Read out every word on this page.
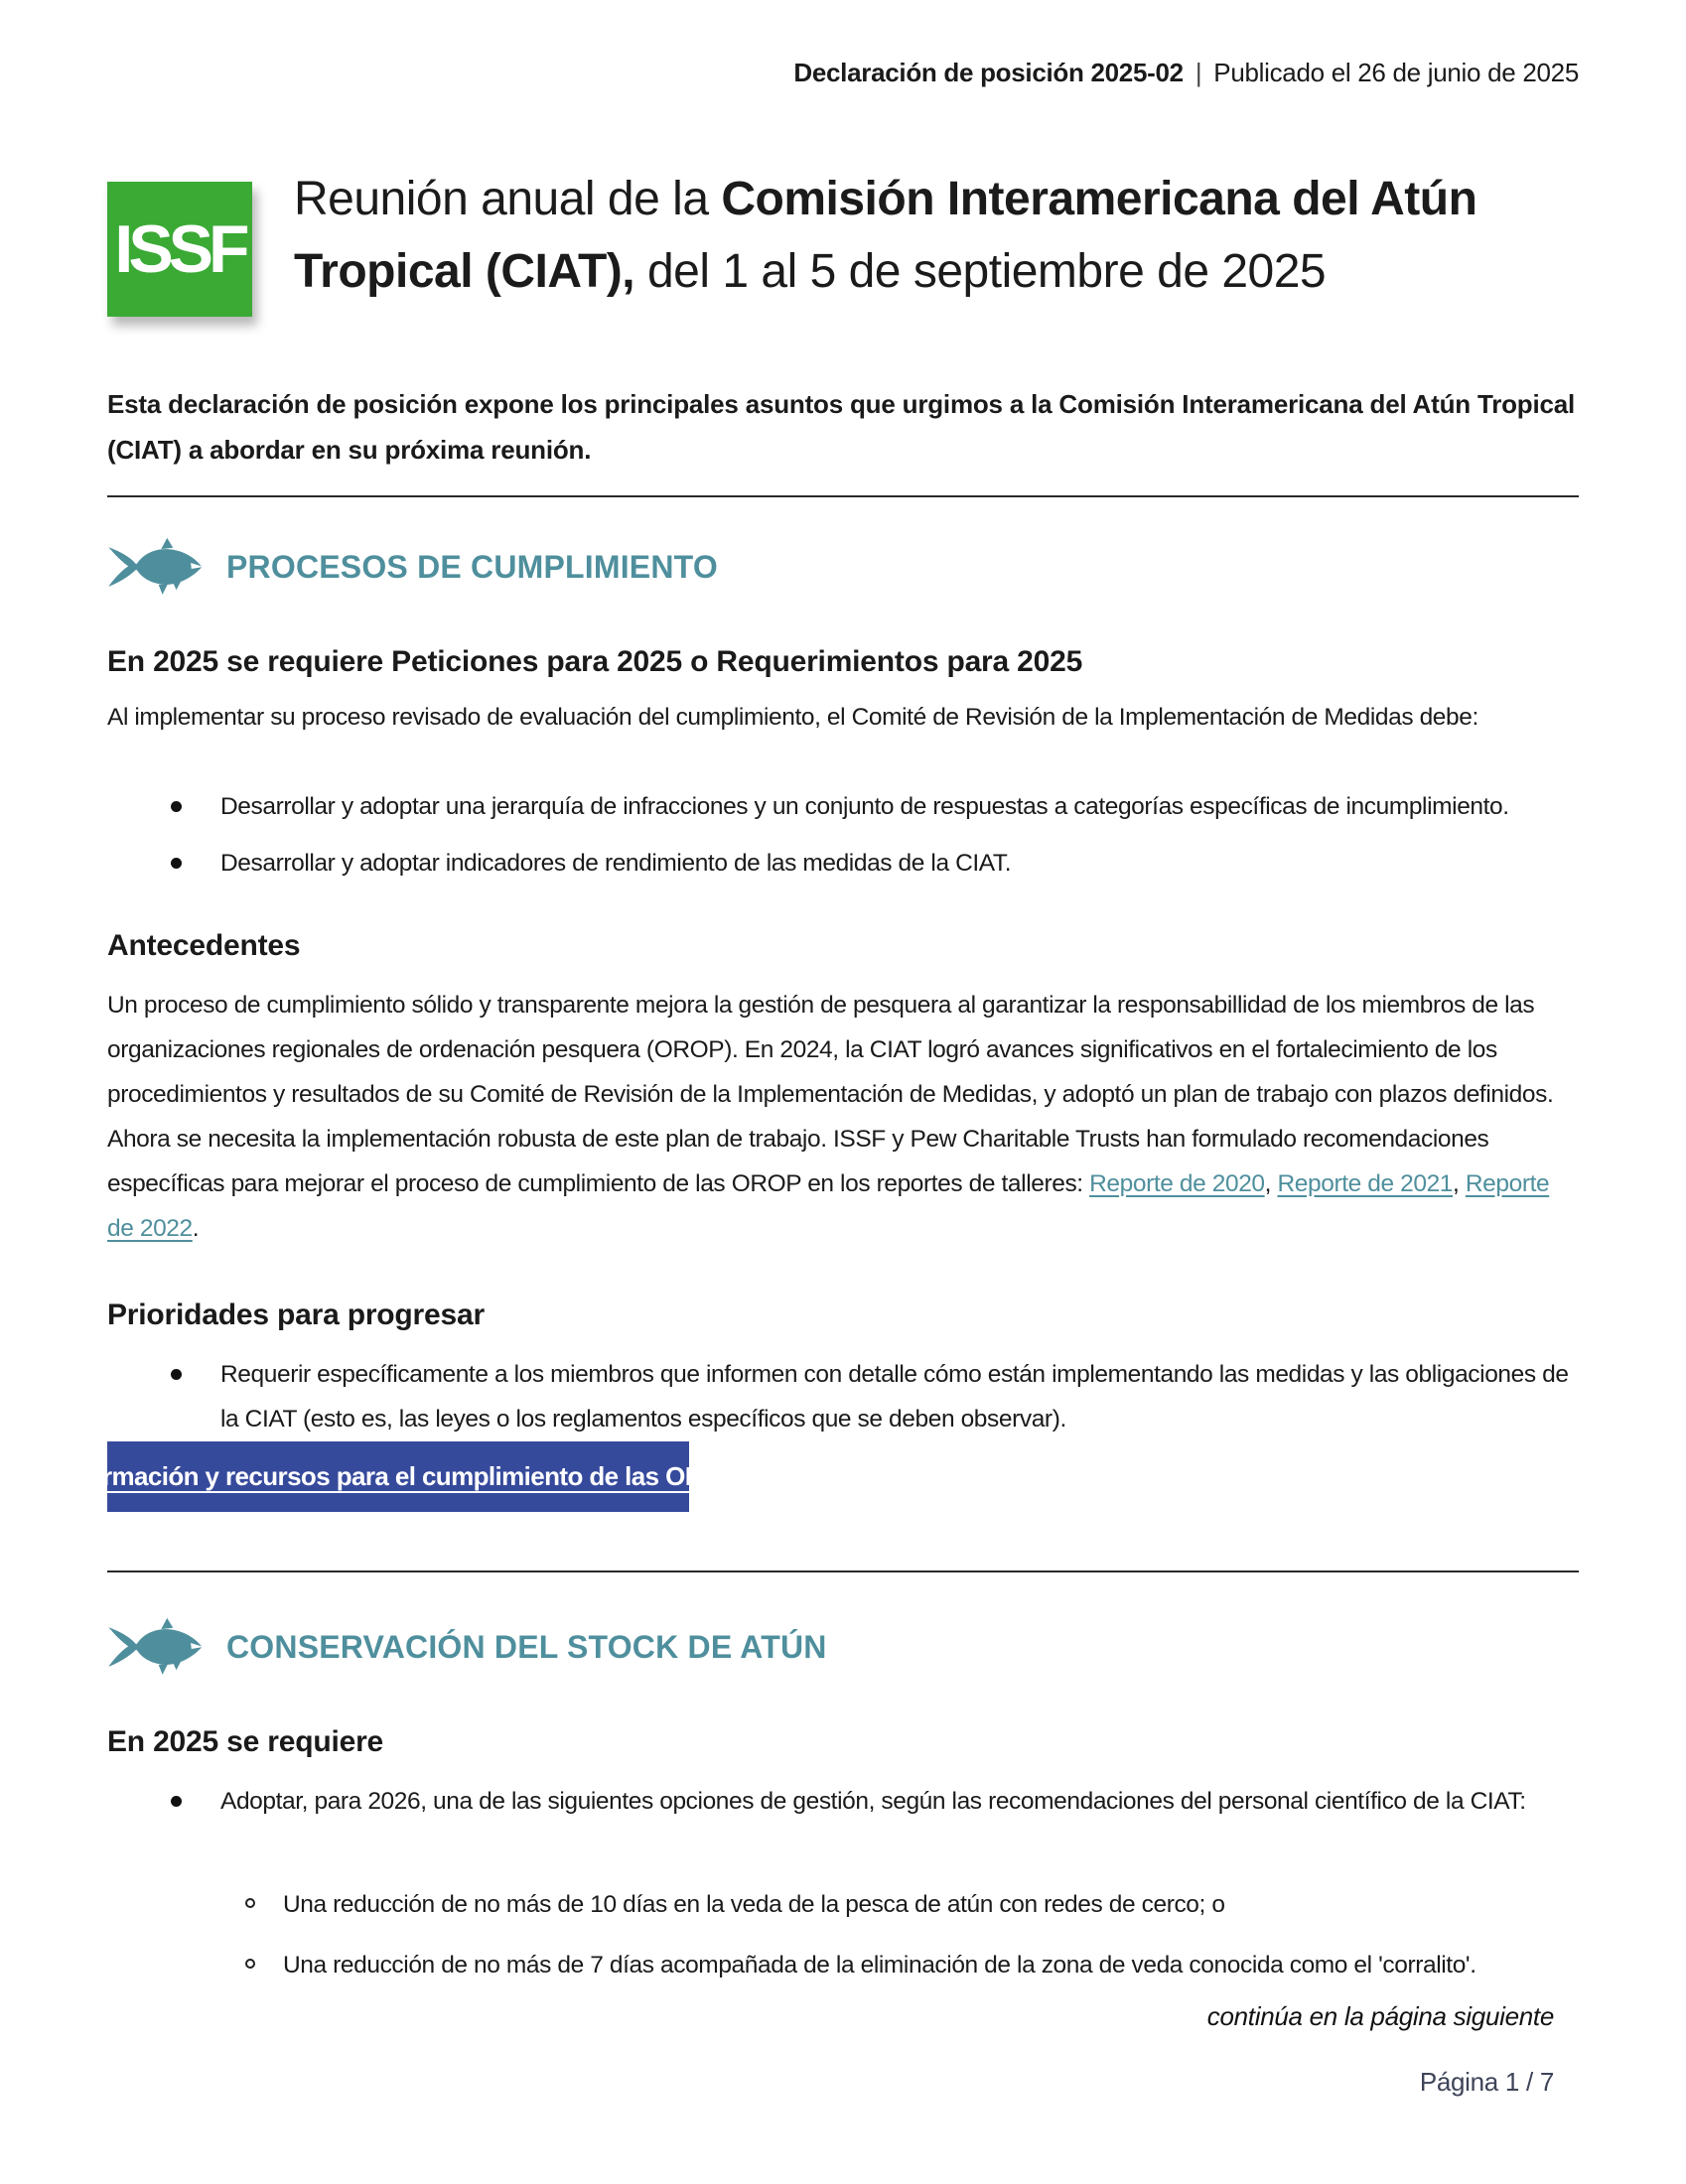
Declaración de posición 2025-02 | Publicado el 26 de junio de 2025
ISSF
Reunión anual de la Comisión Interamericana del Atún Tropical (CIAT), del 1 al 5 de septiembre de 2025

Esta declaración de posición expone los principales asuntos que urgimos a la Comisión Interamericana del Atún Tropical (CIAT) a abordar en su próxima reunión.

PROCESOS DE CUMPLIMIENTO
En 2025 se requiere Peticiones para 2025 o Requerimientos para 2025

Al implementar su proceso revisado de evaluación del cumplimiento, el Comité de Revisión de la Implementación de Medidas debe:

Desarrollar y adoptar una jerarquía de infracciones y un conjunto de respuestas a categorías específicas de incumplimiento.
Desarrollar y adoptar indicadores de rendimiento de las medidas de la CIAT.
Antecedentes

Un proceso de cumplimiento sólido y transparente mejora la gestión de pesquera al garantizar la responsabillidad de los miembros de las organizaciones regionales de ordenación pesquera (OROP). En 2024, la CIAT logró avances significativos en el fortalecimiento de los procedimientos y resultados de su Comité de Revisión de la Implementación de Medidas, y adoptó un plan de trabajo con plazos definidos. Ahora se necesita la implementación robusta de este plan de trabajo. ISSF y Pew Charitable Trusts han formulado recomendaciones específicas para mejorar el proceso de cumplimiento de las OROP en los reportes de talleres: Reporte de 2020, Reporte de 2021, Reporte de 2022.

Prioridades para progresar
Requerir específicamente a los miembros que informen con detalle cómo están implementando las medidas y las obligaciones de la CIAT (esto es, las leyes o los reglamentos específicos que se deben observar).
Información y recursos para el cumplimiento de las OROP
CONSERVACIÓN DEL STOCK DE ATÚN
En 2025 se requiere
Adoptar, para 2026, una de las siguientes opciones de gestión, según las recomendaciones del personal científico de la CIAT:
Una reducción de no más de 10 días en la veda de la pesca de atún con redes de cerco; o
Una reducción de no más de 7 días acompañada de la eliminación de la zona de veda conocida como el 'corralito'.
continúa en la página siguiente
Página 1 / 7
